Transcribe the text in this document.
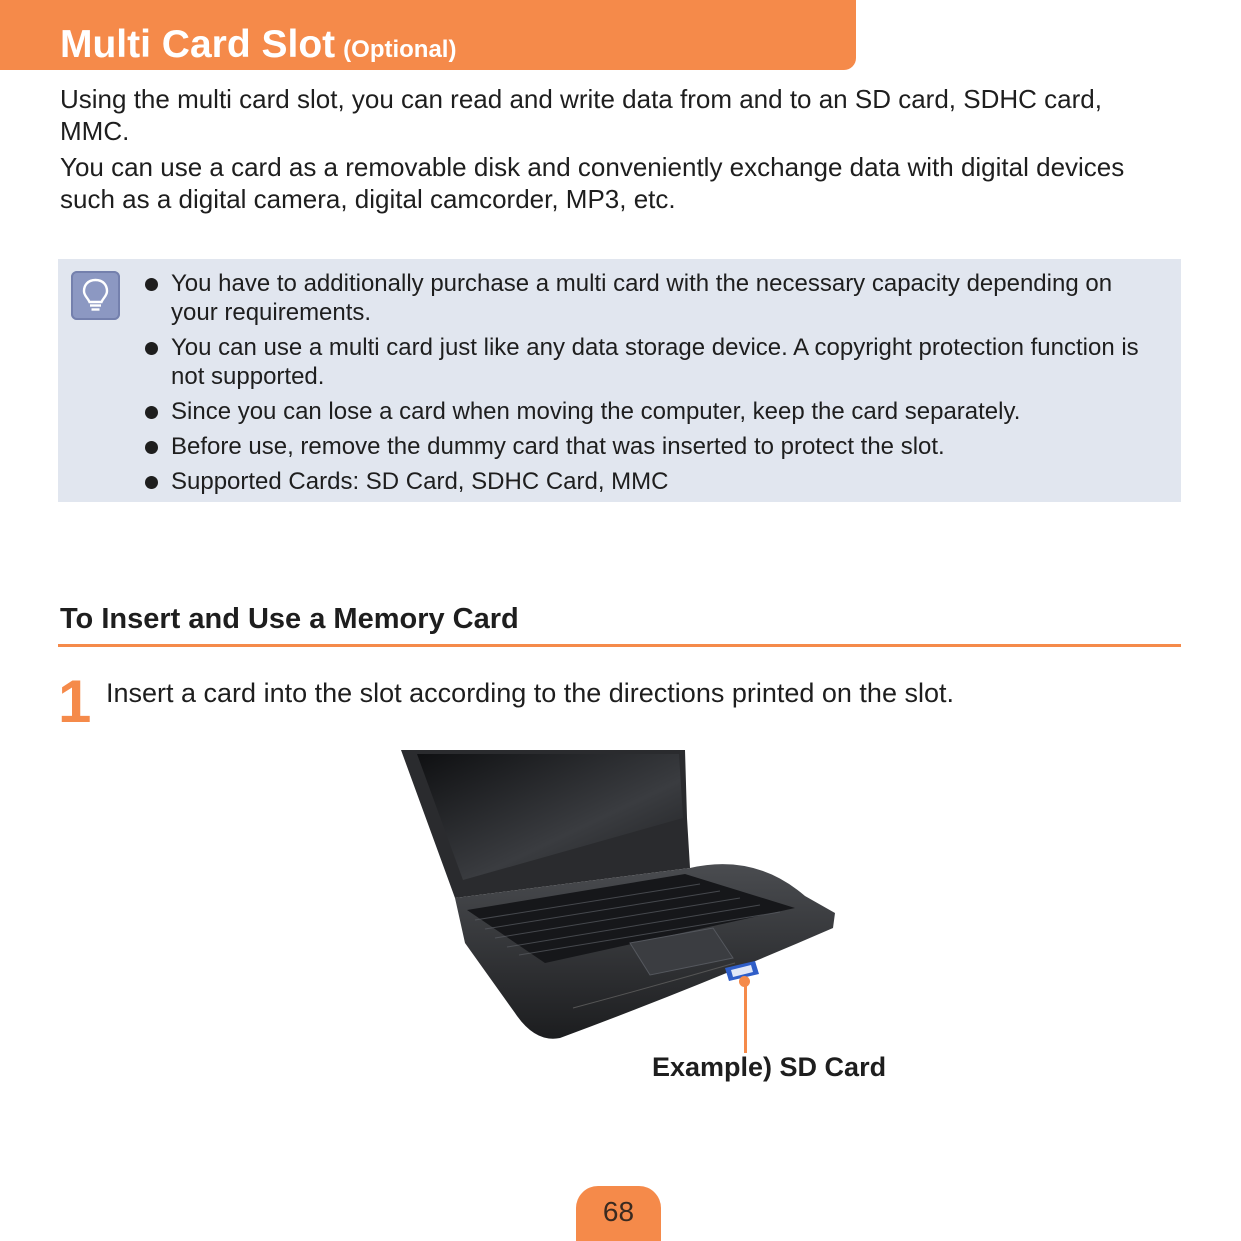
Multi Card Slot (Optional)
Using the multi card slot, you can read and write data from and to an SD card, SDHC card, MMC.
You can use a card as a removable disk and conveniently exchange data with digital devices such as a digital camera, digital camcorder, MP3, etc.
You have to additionally purchase a multi card with the necessary capacity depending on your requirements.
You can use a multi card just like any data storage device. A copyright protection function is not supported.
Since you can lose a card when moving the computer, keep the card separately.
Before use, remove the dummy card that was inserted to protect the slot.
Supported Cards: SD Card, SDHC Card, MMC
To Insert and Use a Memory Card
1 Insert a card into the slot according to the directions printed on the slot.
Example) SD Card
68
